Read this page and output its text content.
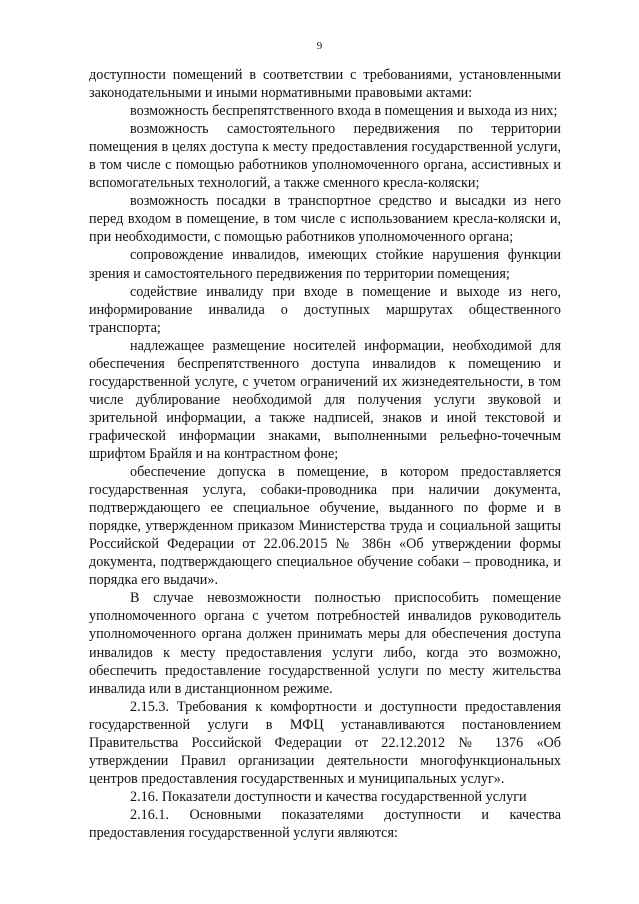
9

доступности помещений в соответствии с требованиями, установленными законодательными и иными нормативными правовыми актами:

возможность беспрепятственного входа в помещения и выхода из них;

возможность самостоятельного передвижения по территории помещения в целях доступа к месту предоставления государственной услуги, в том числе с помощью работников уполномоченного органа, ассистивных и вспомогательных технологий, а также сменного кресла-коляски;

возможность посадки в транспортное средство и высадки из него перед входом в помещение, в том числе с использованием кресла-коляски и, при необходимости, с помощью работников уполномоченного органа;

сопровождение инвалидов, имеющих стойкие нарушения функции зрения и самостоятельного передвижения по территории помещения;

содействие инвалиду при входе в помещение и выходе из него, информирование инвалида о доступных маршрутах общественного транспорта;

надлежащее размещение носителей информации, необходимой для обеспечения беспрепятственного доступа инвалидов к помещению и государственной услуге, с учетом ограничений их жизнедеятельности, в том числе дублирование необходимой для получения услуги звуковой и зрительной информации, а также надписей, знаков и иной текстовой и графической информации знаками, выполненными рельефно-точечным шрифтом Брайля и на контрастном фоне;

обеспечение допуска в помещение, в котором предоставляется государственная услуга, собаки-проводника при наличии документа, подтверждающего ее специальное обучение, выданного по форме и в порядке, утвержденном приказом Министерства труда и социальной защиты Российской Федерации от 22.06.2015 № 386н «Об утверждении формы документа, подтверждающего специальное обучение собаки – проводника, и порядка его выдачи».

В случае невозможности полностью приспособить помещение уполномоченного органа с учетом потребностей инвалидов руководитель уполномоченного органа должен принимать меры для обеспечения доступа инвалидов к месту предоставления услуги либо, когда это возможно, обеспечить предоставление государственной услуги по месту жительства инвалида или в дистанционном режиме.

2.15.3. Требования к комфортности и доступности предоставления государственной услуги в МФЦ устанавливаются постановлением Правительства Российской Федерации от 22.12.2012 № 1376 «Об утверждении Правил организации деятельности многофункциональных центров предоставления государственных и муниципальных услуг».

2.16. Показатели доступности и качества государственной услуги

2.16.1. Основными показателями доступности и качества предоставления государственной услуги являются:
